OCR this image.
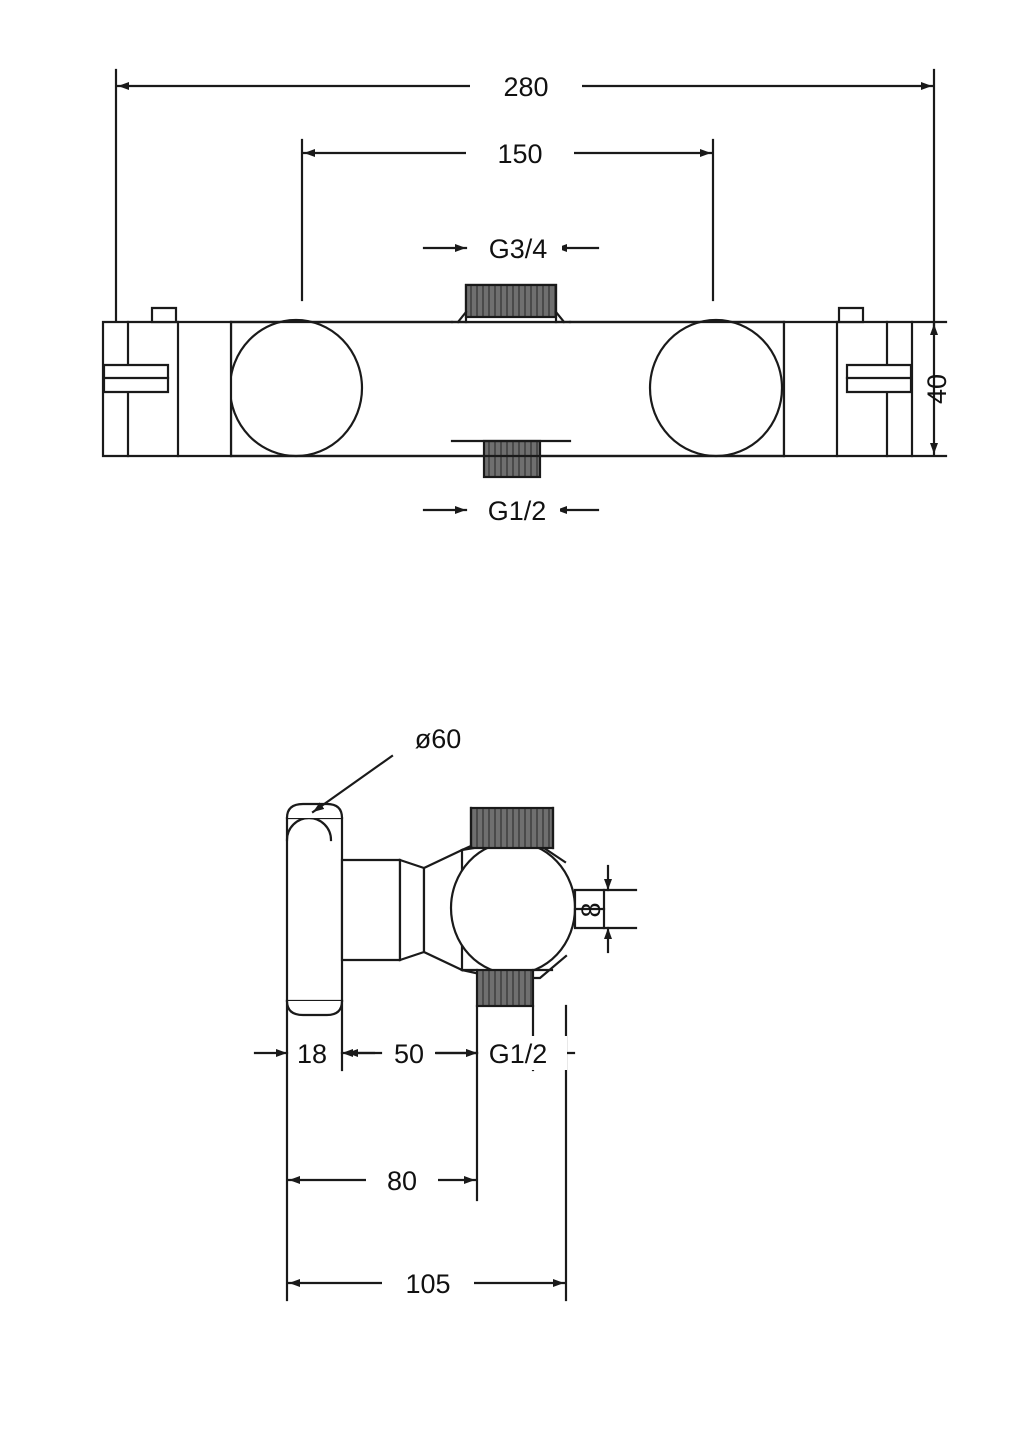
280
150
G3/4
G1/2
40
ø60
18 50 G1/2
8
80
105
